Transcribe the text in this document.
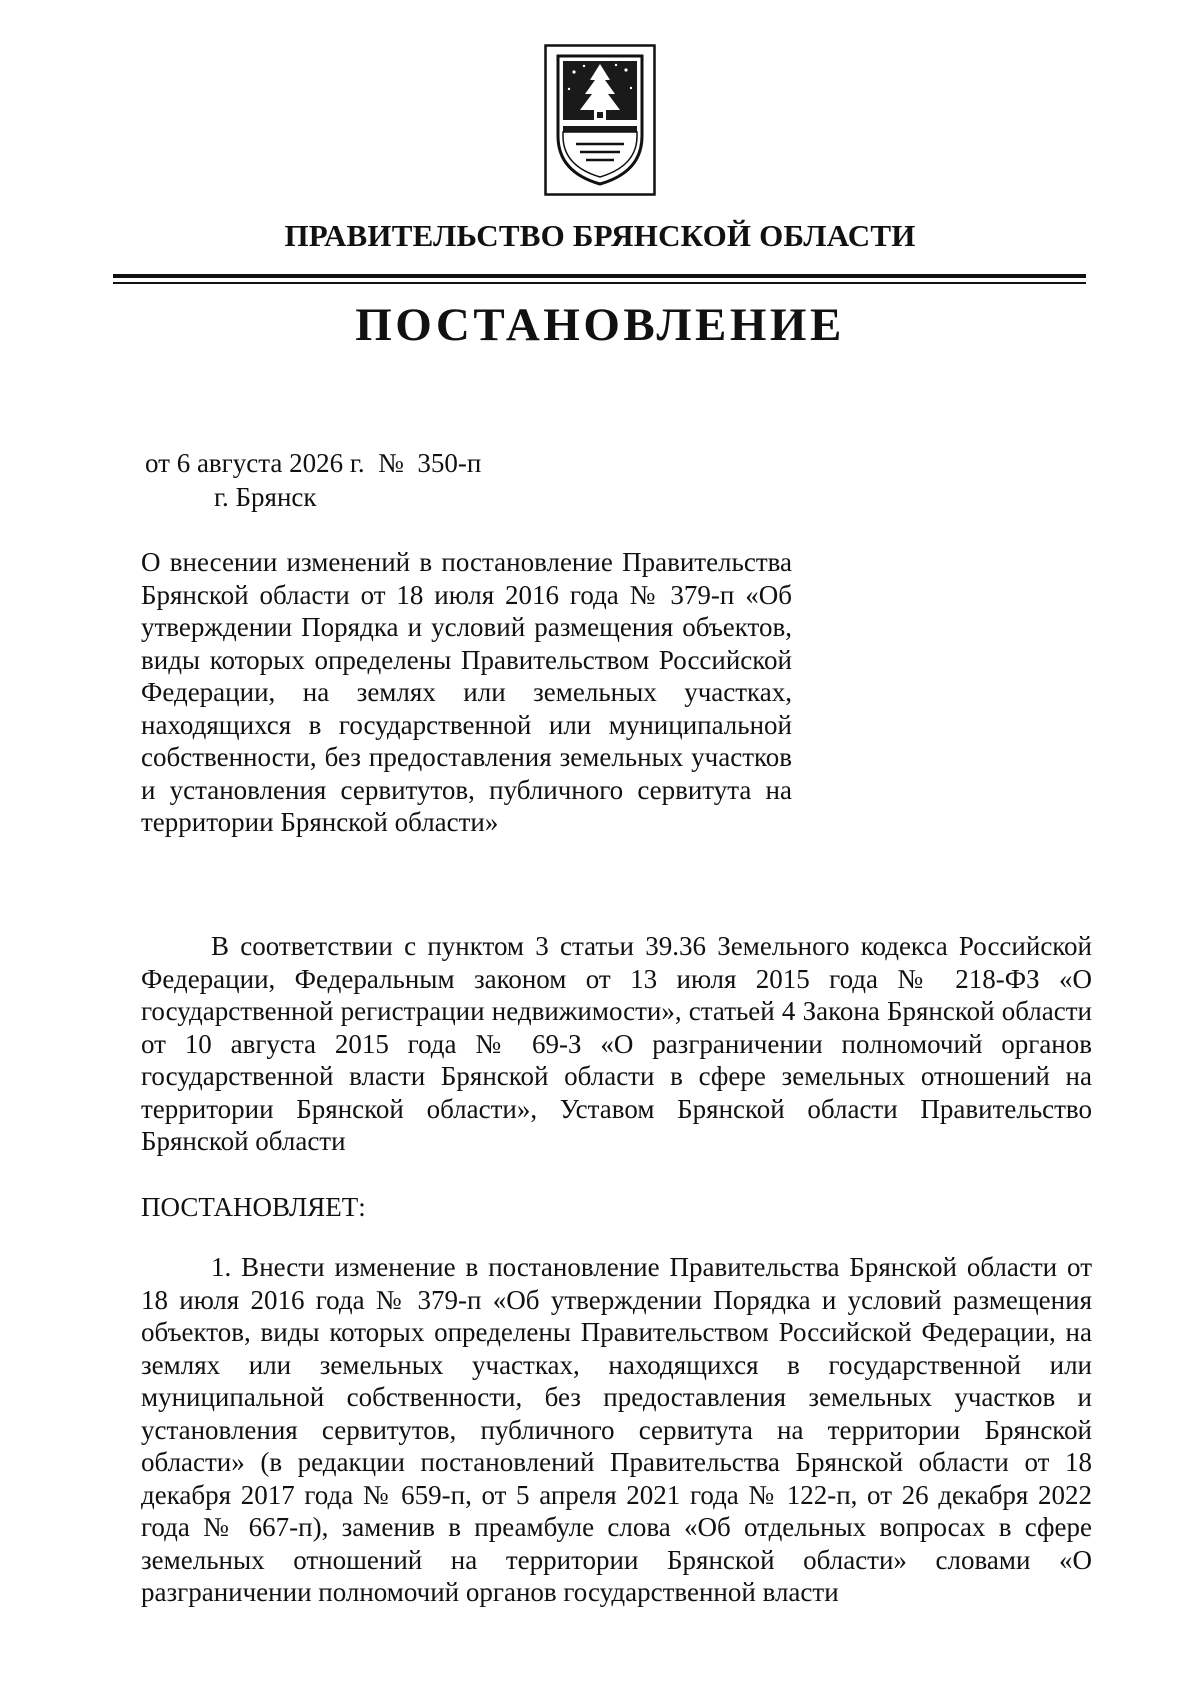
ПРАВИТЕЛЬСТВО БРЯНСКОЙ ОБЛАСТИ
ПОСТАНОВЛЕНИЕ
от 6 августа 2026 г.  №  350-п
г. Брянск

О внесении изменений в постановление Правительства Брянской области от 18 июля 2016 года № 379-п «Об утверждении Порядка и условий размещения объектов, виды которых определены Правительством Российской Федерации, на землях или земельных участках, находящихся в государственной или муниципальной собственности, без предоставления земельных участков и установления сервитутов, публичного сервитута на территории Брянской области»

В соответствии с пунктом 3 статьи 39.36 Земельного кодекса Российской Федерации, Федеральным законом от 13 июля 2015 года № 218-ФЗ «О государственной регистрации недвижимости», статьей 4 Закона Брянской области от 10 августа 2015 года № 69-З «О разграничении полномочий органов государственной власти Брянской области в сфере земельных отношений на территории Брянской области», Уставом Брянской области Правительство Брянской области

ПОСТАНОВЛЯЕТ:

1. Внести изменение в постановление Правительства Брянской области от 18 июля 2016 года № 379-п «Об утверждении Порядка и условий размещения объектов, виды которых определены Правительством Российской Федерации, на землях или земельных участках, находящихся в государственной или муниципальной собственности, без предоставления земельных участков и установления сервитутов, публичного сервитута на территории Брянской области» (в редакции постановлений Правительства Брянской области от 18 декабря 2017 года № 659-п, от 5 апреля 2021 года № 122-п, от 26 декабря 2022 года № 667-п), заменив в преамбуле слова «Об отдельных вопросах в сфере земельных отношений на территории Брянской области» словами «О разграничении полномочий органов государственной власти
